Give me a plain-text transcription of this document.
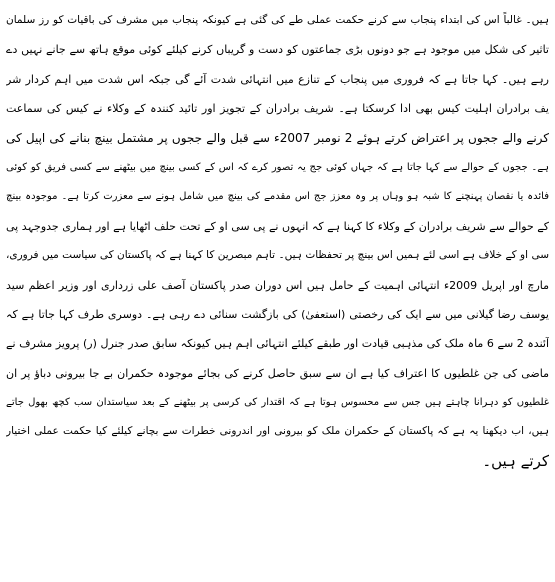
ہیں۔ غالباً اس کی ابتداء پنجاب سے کرنے حکمت عملی طے کی گئی ہے کیونکہ پنجاب میں مشرف کی باقیات کو رز سلمان
تاثیر کی شکل میں موجود ہے جو دونوں بڑی جماعتوں کو دست و گریباں کرنے کیلئے کوئی موقع ہاتھ سے جانے نہیں دے
رہے ہیں۔ کہا جاتا ہے کہ فروری میں پنجاب کے تنازع میں انتہائی شدت آئے گی جبکہ اس شدت میں اہم کردار شر
یف برادران اہلیت کیس بھی ادا کرسکتا ہے۔ شریف برادران کے تجویز اور تائید کنندہ کے وکلاء نے کیس کی سماعت
کرنے والے ججوں پر اعتراض کرتے ہوئے 2 نومبر 2007ء سے قبل والے ججوں پر مشتمل بینچ بنانے کی اپیل کی
ہے۔ ججوں کے حوالے سے کہا جاتا ہے کہ جہاں کوئی جج یہ تصور کرے کہ اس کے کسی بینچ میں بیٹھنے سے کسی فریق کو کوئی
فائدہ یا نقصان پہنچنے کا شبہ ہو وہاں پر وہ معزز جج اس مقدمے کی بینچ میں شامل ہونے سے معزرت کرتا ہے۔ موجودہ بینچ
کے حوالے سے شریف برادران کے وکلاء کا کہنا ہے کہ انہوں نے پی سی او کے تحت حلف اٹھایا ہے اور ہماری جدوجہد پی
سی او کے خلاف ہے اسی لئے ہمیں اس بینچ پر تحفظات ہیں۔ تاہم مبصرین کا کہنا ہے کہ پاکستان کی سیاست میں فروری،
مارچ اور اپریل 2009ء انتہائی اہمیت کے حامل ہیں اس دوران صدر پاکستان آصف علی زرداری اور وزیر اعظم سید
یوسف رضا گیلانی میں سے ایک کی رخصتی (استعفیٰ) کی بازگشت سنائی دے رہی ہے۔ دوسری طرف کہا جاتا ہے کہ
آئندہ 2 سے 6 ماہ ملک کی مذہبی قیادت اور طبقے کیلئے انتہائی اہم ہیں کیونکہ سابق صدر جنرل (ر) پرویز مشرف نے
ماضی کی جن غلطیوں کا اعتراف کیا ہے ان سے سبق حاصل کرنے کی بجائے موجودہ حکمران بے جا بیرونی دباؤ پر ان
غلطیوں کو دہرانا چاہتے ہیں جس سے محسوس ہوتا ہے کہ اقتدار کی کرسی پر بیٹھنے کے بعد سیاستدان سب کچھ بھول جاتے
ہیں، اب دیکھنا یہ ہے کہ پاکستان کے حکمران ملک کو بیرونی اور اندرونی خطرات سے بچانے کیلئے کیا حکمت عملی اختیار
کرتے ہیں۔
